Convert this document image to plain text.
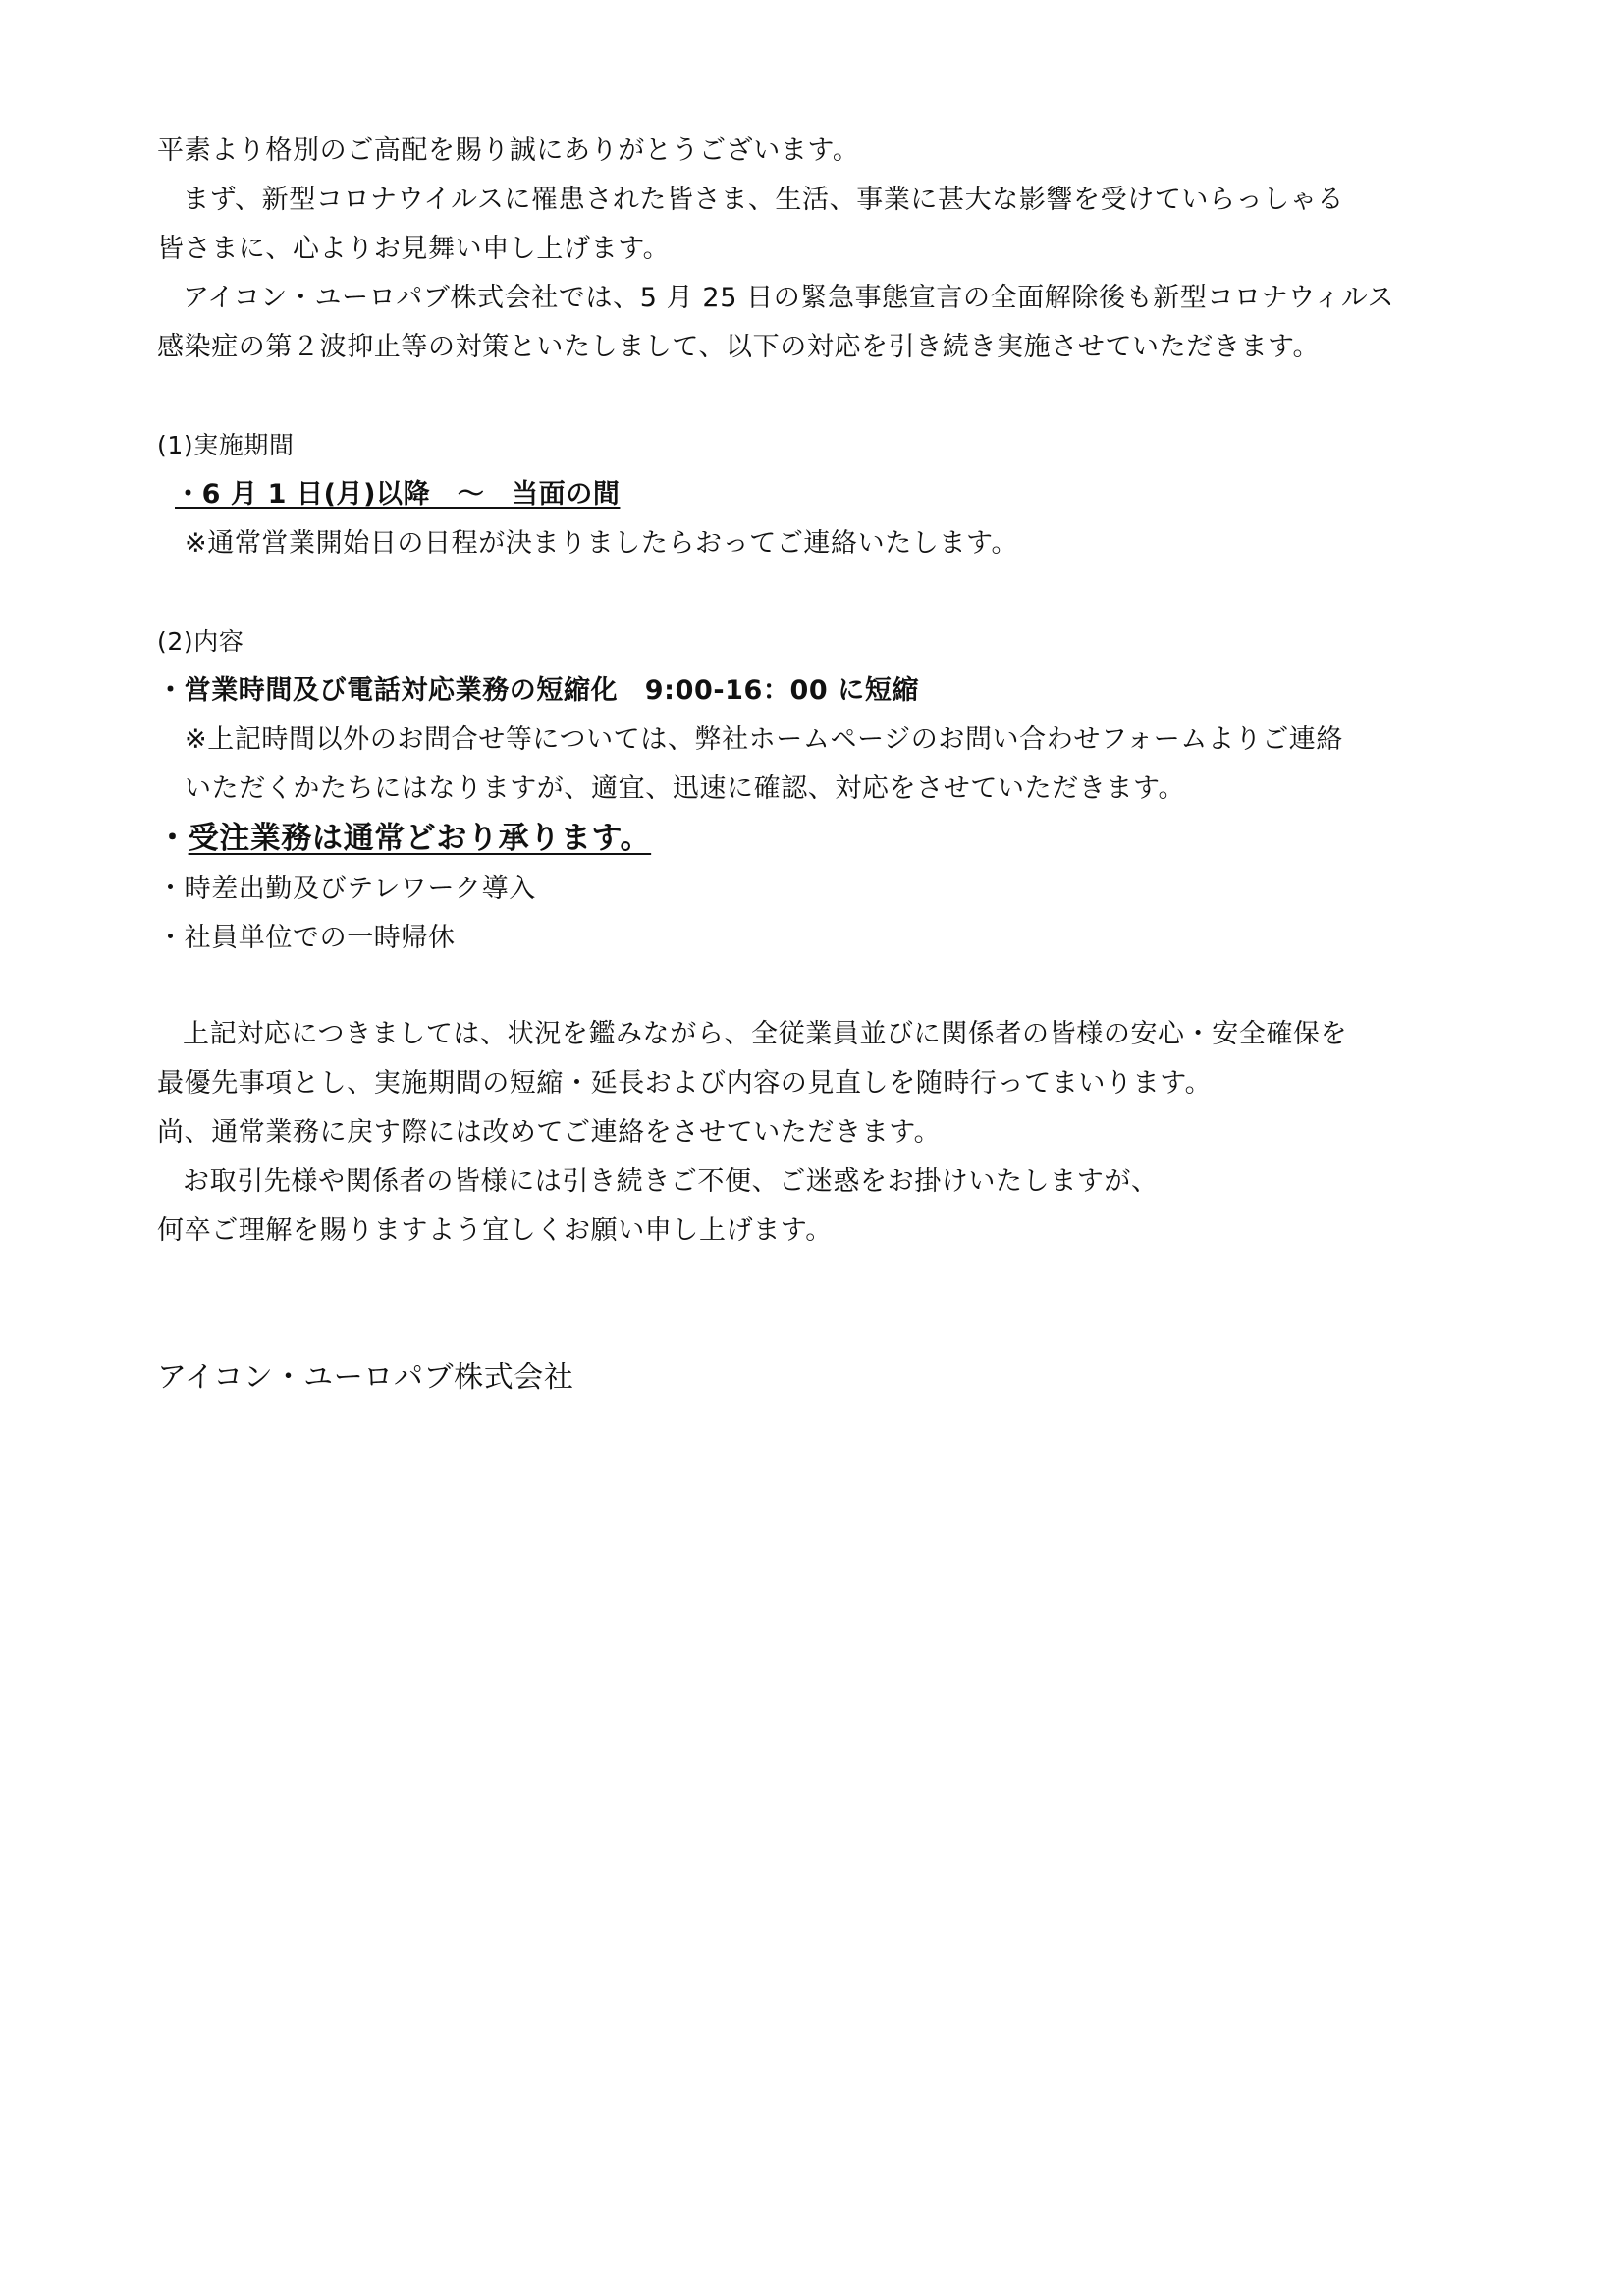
平素より格別のご高配を賜り誠にありがとうございます。
まず、新型コロナウイルスに罹患された皆さま、生活、事業に甚大な影響を受けていらっしゃる
皆さまに、心よりお見舞い申し上げます。
アイコン・ユーロパブ株式会社では、5 月 25 日の緊急事態宣言の全面解除後も新型コロナウィルス
感染症の第２波抑止等の対策といたしまして、以下の対応を引き続き実施させていただきます。
(1)実施期間
・6 月 1 日(月)以降　～　当面の間
※通常営業開始日の日程が決まりましたらおってご連絡いたします。
(2)内容
・営業時間及び電話対応業務の短縮化　9:00-16：00 に短縮
※上記時間以外のお問合せ等については、弊社ホームページのお問い合わせフォームよりご連絡
いただくかたちにはなりますが、適宜、迅速に確認、対応をさせていただきます。
・受注業務は通常どおり承ります。
・時差出勤及びテレワーク導入
・社員単位での一時帰休
上記対応につきましては、状況を鑑みながら、全従業員並びに関係者の皆様の安心・安全確保を
最優先事項とし、実施期間の短縮・延長および内容の見直しを随時行ってまいります。
尚、通常業務に戻す際には改めてご連絡をさせていただきます。
お取引先様や関係者の皆様には引き続きご不便、ご迷惑をお掛けいたしますが、
何卒ご理解を賜りますよう宜しくお願い申し上げます。
アイコン・ユーロパブ株式会社
